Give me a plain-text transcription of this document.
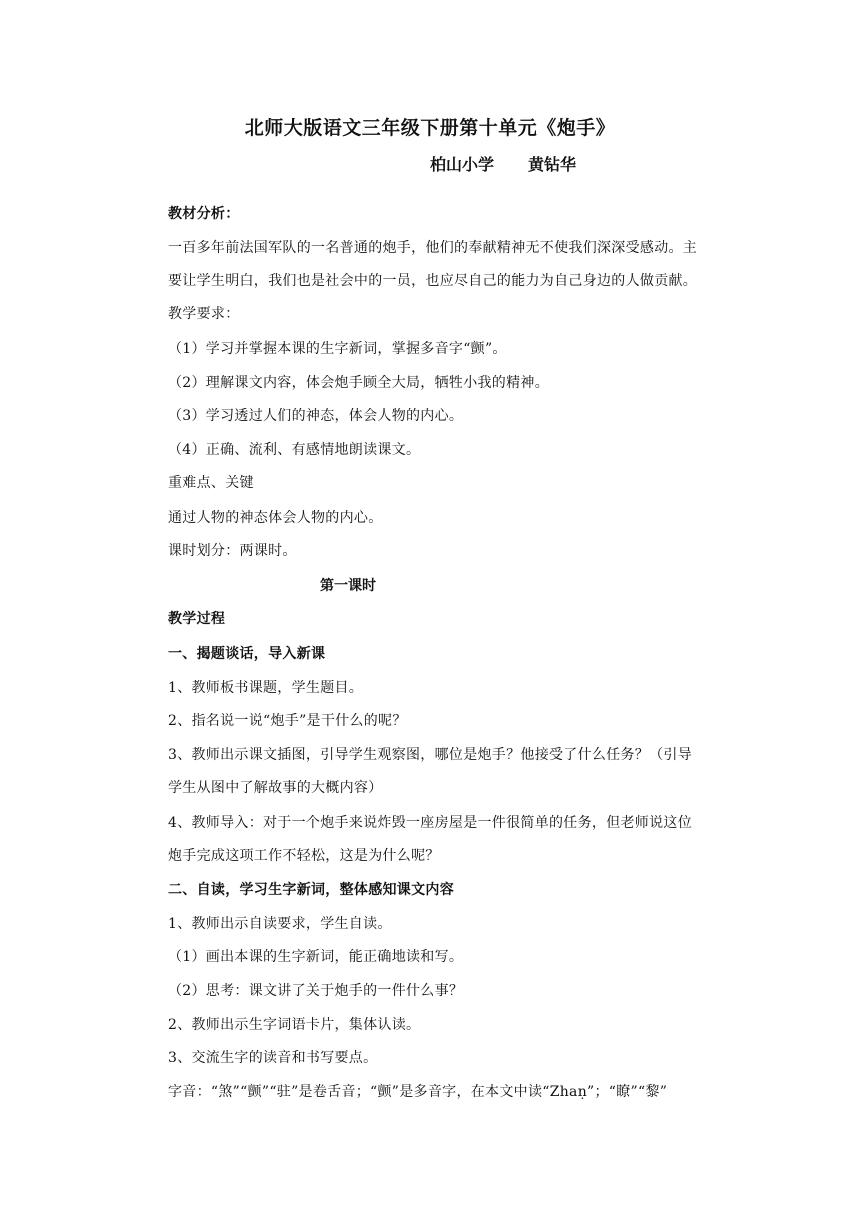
北师大版语文三年级下册第十单元《炮手》
柏山小学 黄钻华
教材分析：
一百多年前法国军队的一名普通的炮手，他们的奉献精神无不使我们深深受感动。主
要让学生明白，我们也是社会中的一员，也应尽自己的能力为自己身边的人做贡献。
教学要求：
（1）学习并掌握本课的生字新词，掌握多音字“颤”。
（2）理解课文内容，体会炮手顾全大局，牺牲小我的精神。
（3）学习透过人们的神态，体会人物的内心。
（4）正确、流利、有感情地朗读课文。
重难点、关键
通过人物的神态体会人物的内心。
课时划分：两课时。
第一课时
教学过程
一、揭题谈话，导入新课
1、教师板书课题，学生题目。
2、指名说一说“炮手”是干什么的呢？
3、教师出示课文插图，引导学生观察图，哪位是炮手？他接受了什么任务？（引导
学生从图中了解故事的大概内容）
4、教师导入：对于一个炮手来说炸毁一座房屋是一件很简单的任务，但老师说这位
炮手完成这项工作不轻松，这是为什么呢？
二、自读，学习生字新词，整体感知课文内容
1、教师出示自读要求，学生自读。
（1）画出本课的生字新词，能正确地读和写。
（2）思考：课文讲了关于炮手的一件什么事？
2、教师出示生字词语卡片，集体认读。
3、交流生字的读音和书写要点。
字音：“煞”“颤”“驻”是卷舌音；“颤”是多音字，在本文中读“Zhaṇ”；“瞭”“黎”
